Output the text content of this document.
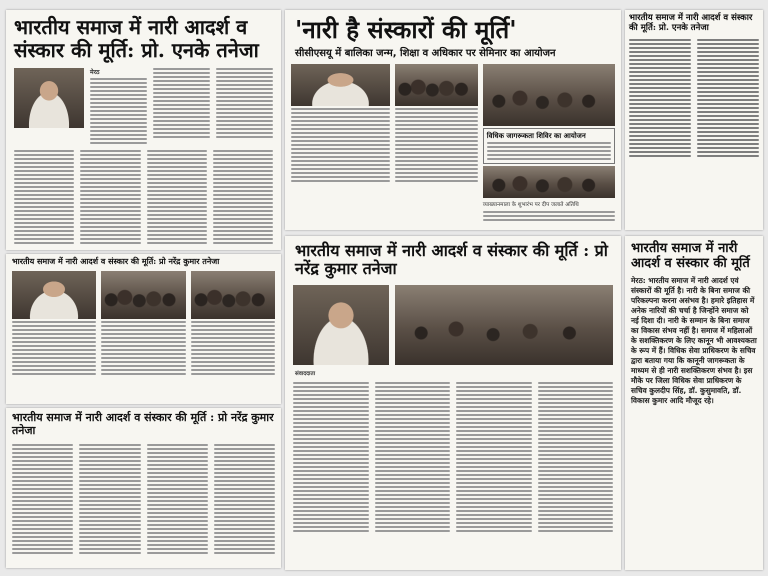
भारतीय समाज में नारी आदर्श व संस्कार की मूर्ति: प्रो. एनके तनेजा
मेरठ
'नारी है संस्कारों की मूर्ति'
सीसीएसयू में बालिका जन्म, शिक्षा व अधिकार पर सेमिनार का आयोजन
विधिक जागरूकता शिविर का आयोजन
व्याख्यानमाला के शुभारंभ पर दीप जलाते अतिथि
भारतीय समाज में नारी आदर्श व संस्कार की मूर्ति: प्रो. एनके तनेजा
भारतीय समाज में नारी आदर्श व संस्कार की मूर्ति: प्रो नरेंद्र कुमार तनेजा
भारतीय समाज में नारी आदर्श व संस्कार की मूर्ति : प्रो नरेंद्र कुमार तनेजा
भारतीय समाज में नारी आदर्श व संस्कार की मूर्ति : प्रो नरेंद्र कुमार तनेजा
संवाददाता
भारतीय समाज में नारी आदर्श व संस्कार की मूर्ति

मेरठ: भारतीय समाज में नारी आदर्श एवं संस्कारों की मूर्ति है। नारी के बिना समाज की परिकल्पना करना असंभव है। हमारे इतिहास में अनेक नारियों की चर्चा है जिन्होंने समाज को नई दिशा दी। नारी के सम्मान के बिना समाज का विकास संभव नहीं है। समाज में महिलाओं के सशक्तिकरण के लिए कानून भी आवश्यकता के रूप में हैं। विधिक सेवा प्राधिकरण के सचिव द्वारा बताया गया कि कानूनी जागरूकता के माध्यम से ही नारी सशक्तिकरण संभव है। इस मौके पर जिला विधिक सेवा प्राधिकरण के सचिव कुलदीप सिंह, डॉ. कुसुमावति, डॉ. विकास कुमार आदि मौजूद रहे।
